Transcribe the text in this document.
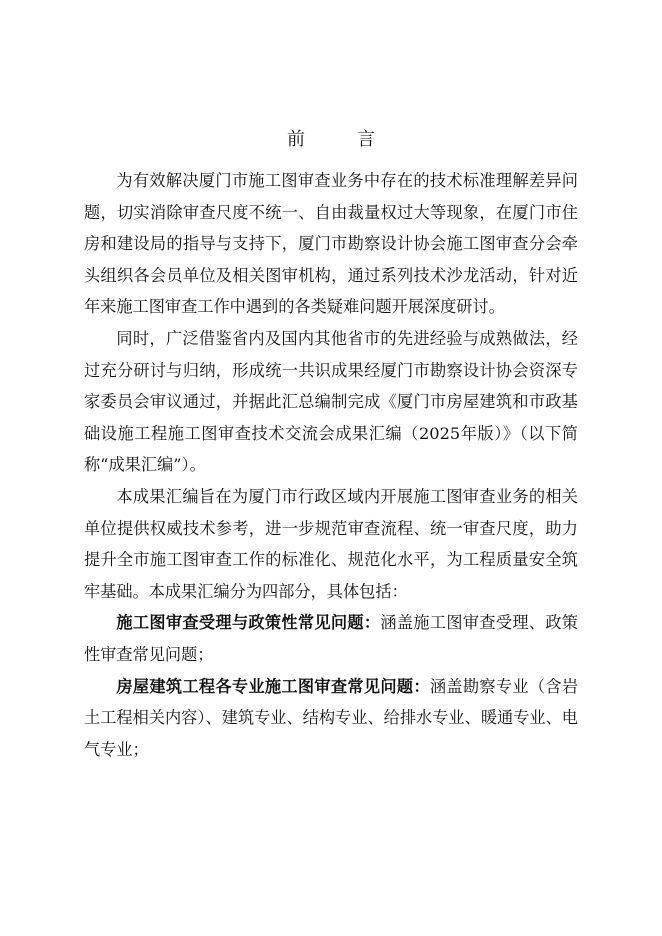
前	言

为有效解决厦门市施工图审查业务中存在的技术标准理解差异问题，切实消除审查尺度不统一、自由裁量权过大等现象，在厦门市住房和建设局的指导与支持下，厦门市勘察设计协会施工图审查分会牵头组织各会员单位及相关图审机构，通过系列技术沙龙活动，针对近年来施工图审查工作中遇到的各类疑难问题开展深度研讨。

同时，广泛借鉴省内及国内其他省市的先进经验与成熟做法，经过充分研讨与归纳，形成统一共识成果经厦门市勘察设计协会资深专家委员会审议通过，并据此汇总编制完成《厦门市房屋建筑和市政基础设施工程施工图审查技术交流会成果汇编（2025年版）》（以下简称“成果汇编”）。

本成果汇编旨在为厦门市行政区域内开展施工图审查业务的相关单位提供权威技术参考，进一步规范审查流程、统一审查尺度，助力提升全市施工图审查工作的标准化、规范化水平，为工程质量安全筑牢基础。本成果汇编分为四部分，具体包括：

施工图审查受理与政策性常见问题：涵盖施工图审查受理、政策性审查常见问题；

房屋建筑工程各专业施工图审查常见问题：涵盖勘察专业（含岩土工程相关内容）、建筑专业、结构专业、给排水专业、暖通专业、电气专业；
